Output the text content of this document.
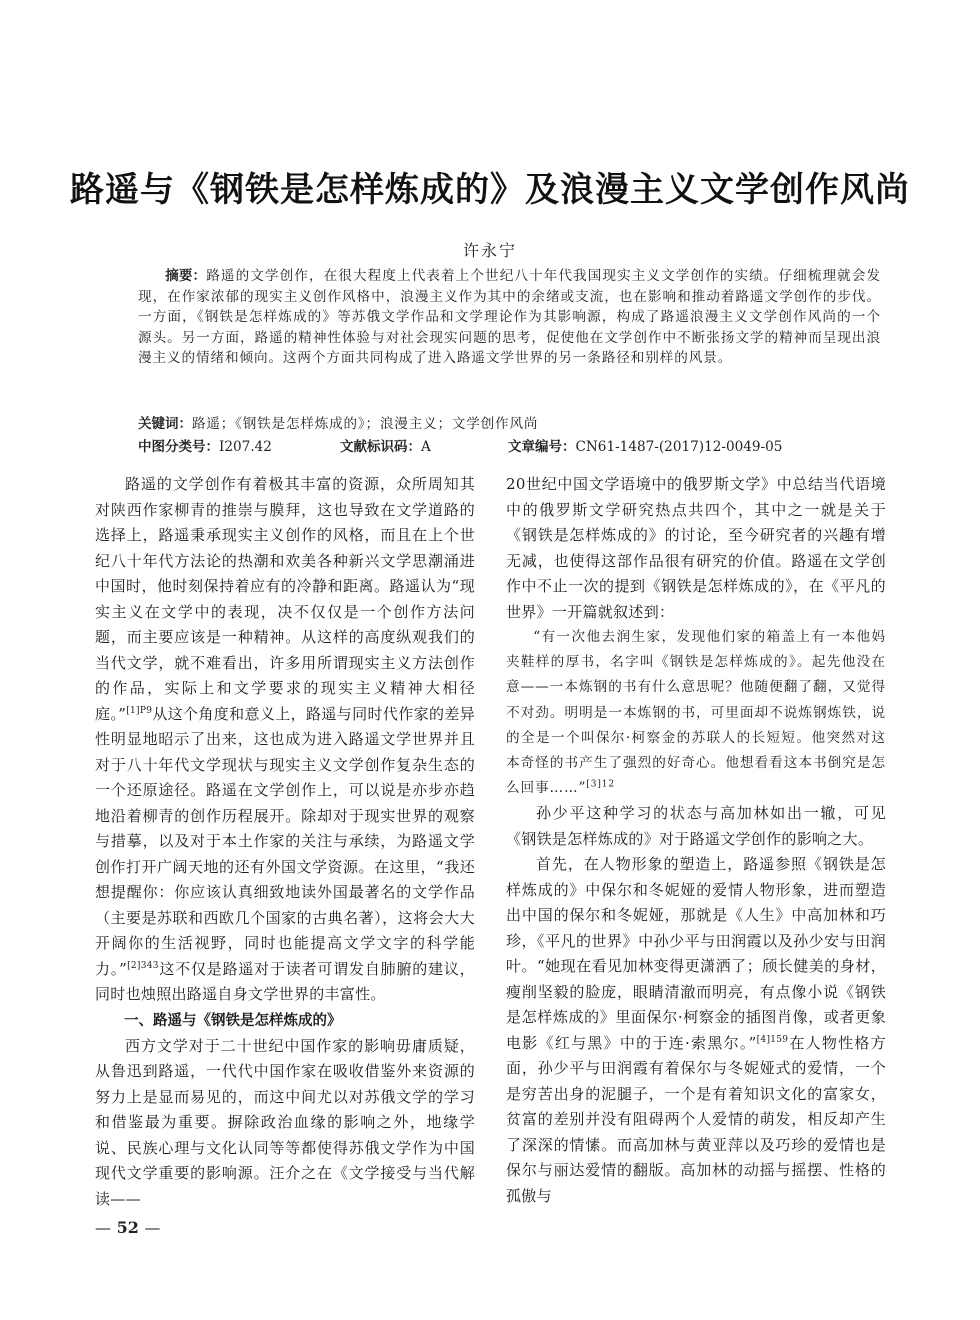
路遥与《钢铁是怎样炼成的》及浪漫主义文学创作风尚
许永宁
摘要：路遥的文学创作，在很大程度上代表着上个世纪八十年代我国现实主义文学创作的实绩。仔细梳理就会发现，在作家浓郁的现实主义创作风格中，浪漫主义作为其中的余绪或支流，也在影响和推动着路遥文学创作的步伐。一方面，《钢铁是怎样炼成的》等苏俄文学作品和文学理论作为其影响源，构成了路遥浪漫主义文学创作风尚的一个源头。另一方面，路遥的精神性体验与对社会现实问题的思考，促使他在文学创作中不断张扬文学的精神而呈现出浪漫主义的情绪和倾向。这两个方面共同构成了进入路遥文学世界的另一条路径和别样的风景。
关键词：路遥；《钢铁是怎样炼成的》；浪漫主义；文学创作风尚
中图分类号：I207.42	文献标识码：A	文章编号：CN61-1487-(2017)12-0049-05

路遥的文学创作有着极其丰富的资源，众所周知其对陕西作家柳青的推崇与膜拜，这也导致在文学道路的选择上，路遥秉承现实主义创作的风格，而且在上个世纪八十年代方法论的热潮和欢美各种新兴文学思潮涌进中国时，他时刻保持着应有的冷静和距离。路遥认为“现实主义在文学中的表现，决不仅仅是一个创作方法问题，而主要应该是一种精神。从这样的高度纵观我们的当代文学，就不难看出，许多用所谓现实主义方法创作的作品，实际上和文学要求的现实主义精神大相径庭。”$^{[1]P9}$从这个角度和意义上，路遥与同时代作家的差异性明显地昭示了出来，这也成为进入路遥文学世界并且对于八十年代文学现状与现实主义文学创作复杂生态的一个还原途径。路遥在文学创作上，可以说是亦步亦趋地沿着柳青的创作历程展开。除却对于现实世界的观察与措摹，以及对于本土作家的关注与承续，为路遥文学创作打开广阔天地的还有外国文学资源。在这里，“我还想提醒你：你应该认真细致地读外国最著名的文学作品（主要是苏联和西欧几个国家的古典名著），这将会大大开阔你的生活视野，同时也能提高文学文字的科学能力。”$^{[2]343}$这不仅是路遥对于读者可谓发自肺腑的建议，同时也烛照出路遥自身文学世界的丰富性。

一、路遥与《钢铁是怎样炼成的》

西方文学对于二十世纪中国作家的影响毋庸质疑，从鲁迅到路遥，一代代中国作家在吸收借鉴外来资源的努力上是显而易见的，而这中间尤以对苏俄文学的学习和借鉴最为重要。摒除政治血缘的影响之外，地缘学说、民族心理与文化认同等等都使得苏俄文学作为中国现代文学重要的影响源。汪介之在《文学接受与当代解读——

20世纪中国文学语境中的俄罗斯文学》中总结当代语境中的俄罗斯文学研究热点共四个，其中之一就是关于《钢铁是怎样炼成的》的讨论，至今研究者的兴趣有增无减，也使得这部作品很有研究的价值。路遥在文学创作中不止一次的提到《钢铁是怎样炼成的》，在《平凡的世界》一开篇就叙述到：

“有一次他去润生家，发现他们家的箱盖上有一本他妈夹鞋样的厚书，名字叫《钢铁是怎样炼成的》。起先他没在意——一本炼钢的书有什么意思呢？他随便翻了翻，又觉得不对劲。明明是一本炼钢的书，可里面却不说炼钢炼铁，说的全是一个叫保尔·柯察金的苏联人的长短短。他突然对这本奇怪的书产生了强烈的好奇心。他想看看这本书倒究是怎么回事……”$^{[3]12}$

孙少平这种学习的状态与高加林如出一辙，可见《钢铁是怎样炼成的》对于路遥文学创作的影响之大。

首先，在人物形象的塑造上，路遥参照《钢铁是怎样炼成的》中保尔和冬妮娅的爱情人物形象，进而塑造出中国的保尔和冬妮娅，那就是《人生》中高加林和巧珍，《平凡的世界》中孙少平与田润霞以及孙少安与田润叶。“她现在看见加林变得更潇洒了；颀长健美的身材，瘦削坚毅的脸庞，眼睛清澈而明亮，有点像小说《钢铁是怎样炼成的》里面保尔·柯察金的插图肖像，或者更象电影《红与黑》中的于连·索黑尔。”$^{[4]159}$在人物性格方面，孙少平与田润霞有着保尔与冬妮娅式的爱情，一个是穷苦出身的泥腿子，一个是有着知识文化的富家女，贫富的差别并没有阻碍两个人爱情的萌发，相反却产生了深深的情愫。而高加林与黄亚萍以及巧珍的爱情也是保尔与丽达爱情的翻版。高加林的动摇与摇摆、性格的孤傲与

— 52 —
